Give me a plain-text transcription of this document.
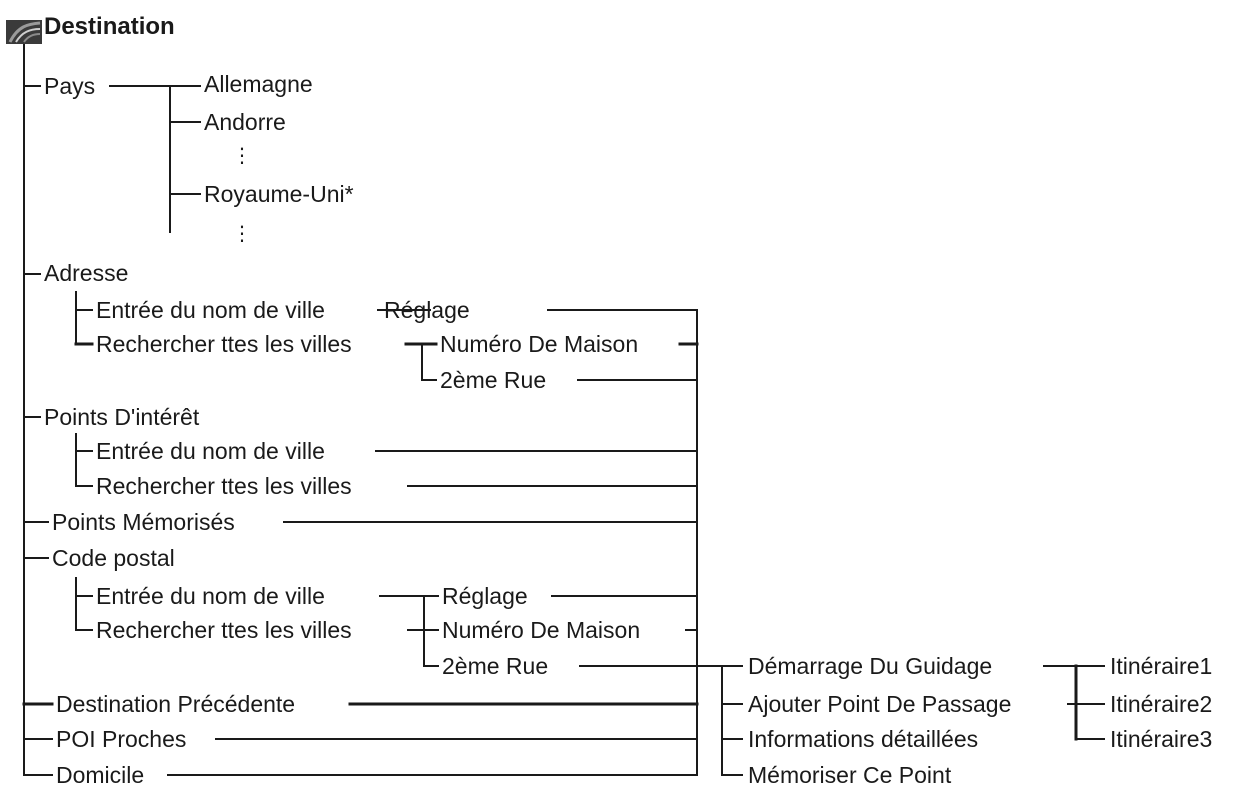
Destination
Pays	Allemagne
Andorre
⋮
Royaume-Uni*
⋮
Adresse
Entrée du nom de ville	Réglage
Rechercher ttes les villes	Numéro De Maison
2ème Rue
Points D'intérêt
Entrée du nom de ville
Rechercher ttes les villes
Points Mémorisés
Code postal
Entrée du nom de ville	Réglage
Rechercher ttes les villes	Numéro De Maison
2ème Rue	Démarrage Du Guidage
Ajouter Point De Passage
Informations détaillées
Mémoriser Ce Point
Itinéraire1
Itinéraire2
Itinéraire3
Destination Précédente
POI Proches
Domicile
